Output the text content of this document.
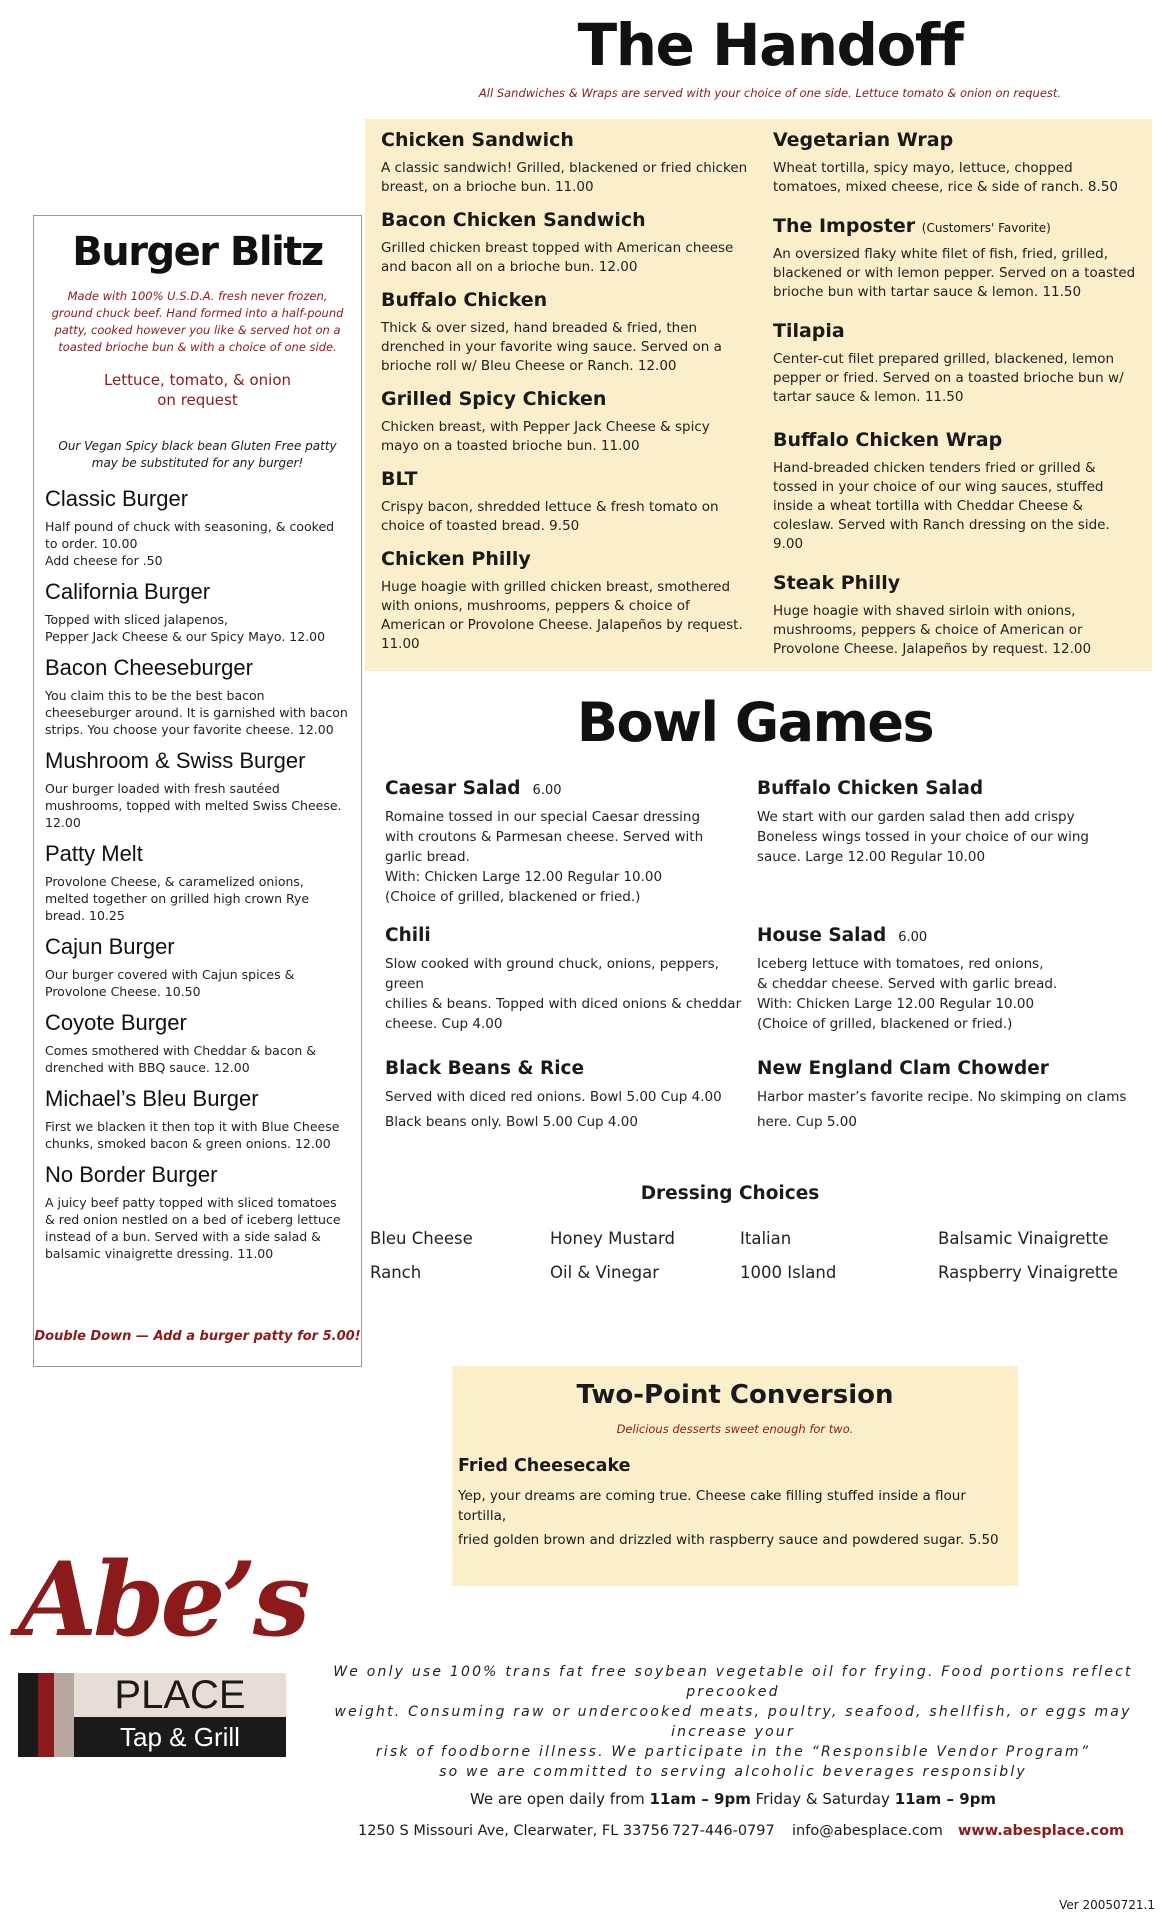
The Handoff
All Sandwiches & Wraps are served with your choice of one side. Lettuce tomato & onion on request.

Chicken Sandwich

A classic sandwich! Grilled, blackened or fried chicken breast, on a brioche bun. 11.00

Bacon Chicken Sandwich

Grilled chicken breast topped with American cheese and bacon all on a brioche bun. 12.00

Buffalo Chicken

Thick & over sized, hand breaded & fried, then drenched in your favorite wing sauce. Served on a brioche roll w/ Bleu Cheese or Ranch. 12.00

Grilled Spicy Chicken

Chicken breast, with Pepper Jack Cheese & spicy mayo on a toasted brioche bun. 11.00

BLT

Crispy bacon, shredded lettuce & fresh tomato on choice of toasted bread. 9.50

Chicken Philly

Huge hoagie with grilled chicken breast, smothered with onions, mushrooms, peppers & choice of American or Provolone Cheese. Jalapeños by request. 11.00

Vegetarian Wrap

Wheat tortilla, spicy mayo, lettuce, chopped tomatoes, mixed cheese, rice & side of ranch. 8.50

The Imposter (Customers' Favorite)

An oversized flaky white filet of fish, fried, grilled, blackened or with lemon pepper. Served on a toasted brioche bun with tartar sauce & lemon. 11.50

Tilapia

Center-cut filet prepared grilled, blackened, lemon pepper or fried. Served on a toasted brioche bun w/ tartar sauce & lemon. 11.50

Buffalo Chicken Wrap

Hand-breaded chicken tenders fried or grilled & tossed in your choice of our wing sauces, stuffed inside a wheat tortilla with Cheddar Cheese & coleslaw. Served with Ranch dressing on the side. 9.00

Steak Philly

Huge hoagie with shaved sirloin with onions, mushrooms, peppers & choice of American or Provolone Cheese. Jalapeños by request. 12.00

Burger Blitz
Made with 100% U.S.D.A. fresh never frozen, ground chuck beef. Hand formed into a half-pound patty, cooked however you like & served hot on a toasted brioche bun & with a choice of one side.
Lettuce, tomato, & onion
on request
Our Vegan Spicy black bean Gluten Free patty may be substituted for any burger!

Classic Burger

Half pound of chuck with seasoning, & cooked to order. 10.00

Add cheese for .50

California Burger

Topped with sliced jalapenos,

Pepper Jack Cheese & our Spicy Mayo. 12.00

Bacon Cheeseburger

You claim this to be the best bacon cheeseburger around. It is garnished with bacon strips. You choose your favorite cheese. 12.00

Mushroom & Swiss Burger

Our burger loaded with fresh sautéed mushrooms, topped with melted Swiss Cheese. 12.00

Patty Melt

Provolone Cheese, & caramelized onions, melted together on grilled high crown Rye bread. 10.25

Cajun Burger

Our burger covered with Cajun spices & Provolone Cheese. 10.50

Coyote Burger

Comes smothered with Cheddar & bacon & drenched with BBQ sauce. 12.00

Michael’s Bleu Burger

First we blacken it then top it with Blue Cheese chunks, smoked bacon & green onions. 12.00

No Border Burger

A juicy beef patty topped with sliced tomatoes & red onion nestled on a bed of iceberg lettuce instead of a bun. Served with a side salad & balsamic vinaigrette dressing. 11.00

Double Down — Add a burger patty for 5.00!
Bowl Games

Caesar Salad 6.00

Romaine tossed in our special Caesar dressing

with croutons & Parmesan cheese. Served with

garlic bread.

With: Chicken Large 12.00 Regular 10.00

(Choice of grilled, blackened or fried.)

Chili

Slow cooked with ground chuck, onions, peppers, green

chilies & beans. Topped with diced onions & cheddar

cheese. Cup 4.00

Black Beans & Rice

Served with diced red onions. Bowl 5.00 Cup 4.00

Black beans only. Bowl 5.00 Cup 4.00

Buffalo Chicken Salad

We start with our garden salad then add crispy

Boneless wings tossed in your choice of our wing

sauce. Large 12.00 Regular 10.00

House Salad 6.00

Iceberg lettuce with tomatoes, red onions,

& cheddar cheese. Served with garlic bread.

With: Chicken Large 12.00 Regular 10.00

(Choice of grilled, blackened or fried.)

New England Clam Chowder

Harbor master’s favorite recipe. No skimping on clams

here. Cup 5.00

Dressing Choices
Bleu Cheese	Honey Mustard	Italian	Balsamic Vinaigrette
Ranch	Oil & Vinegar	1000 Island	Raspberry Vinaigrette
Two-Point Conversion
Delicious desserts sweet enough for two.
Fried Cheesecake
Yep, your dreams are coming true. Cheese cake filling stuffed inside a flour tortilla,
fried golden brown and drizzled with raspberry sauce and powdered sugar. 5.50
Abe’s
PLACE
Tap & Grill
We only use 100% trans fat free soybean vegetable oil for frying. Food portions reflect precooked
weight. Consuming raw or undercooked meats, poultry, seafood, shellfish, or eggs may increase your
risk of foodborne illness. We participate in the “Responsible Vendor Program”
so we are committed to serving alcoholic beverages responsibly
We are open daily from 11am – 9pm Friday & Saturday 11am – 9pm
1250 S Missouri Ave, Clearwater, FL 33756 727-446-0797 info@abesplace.com www.abesplace.com
Ver 20050721.1
